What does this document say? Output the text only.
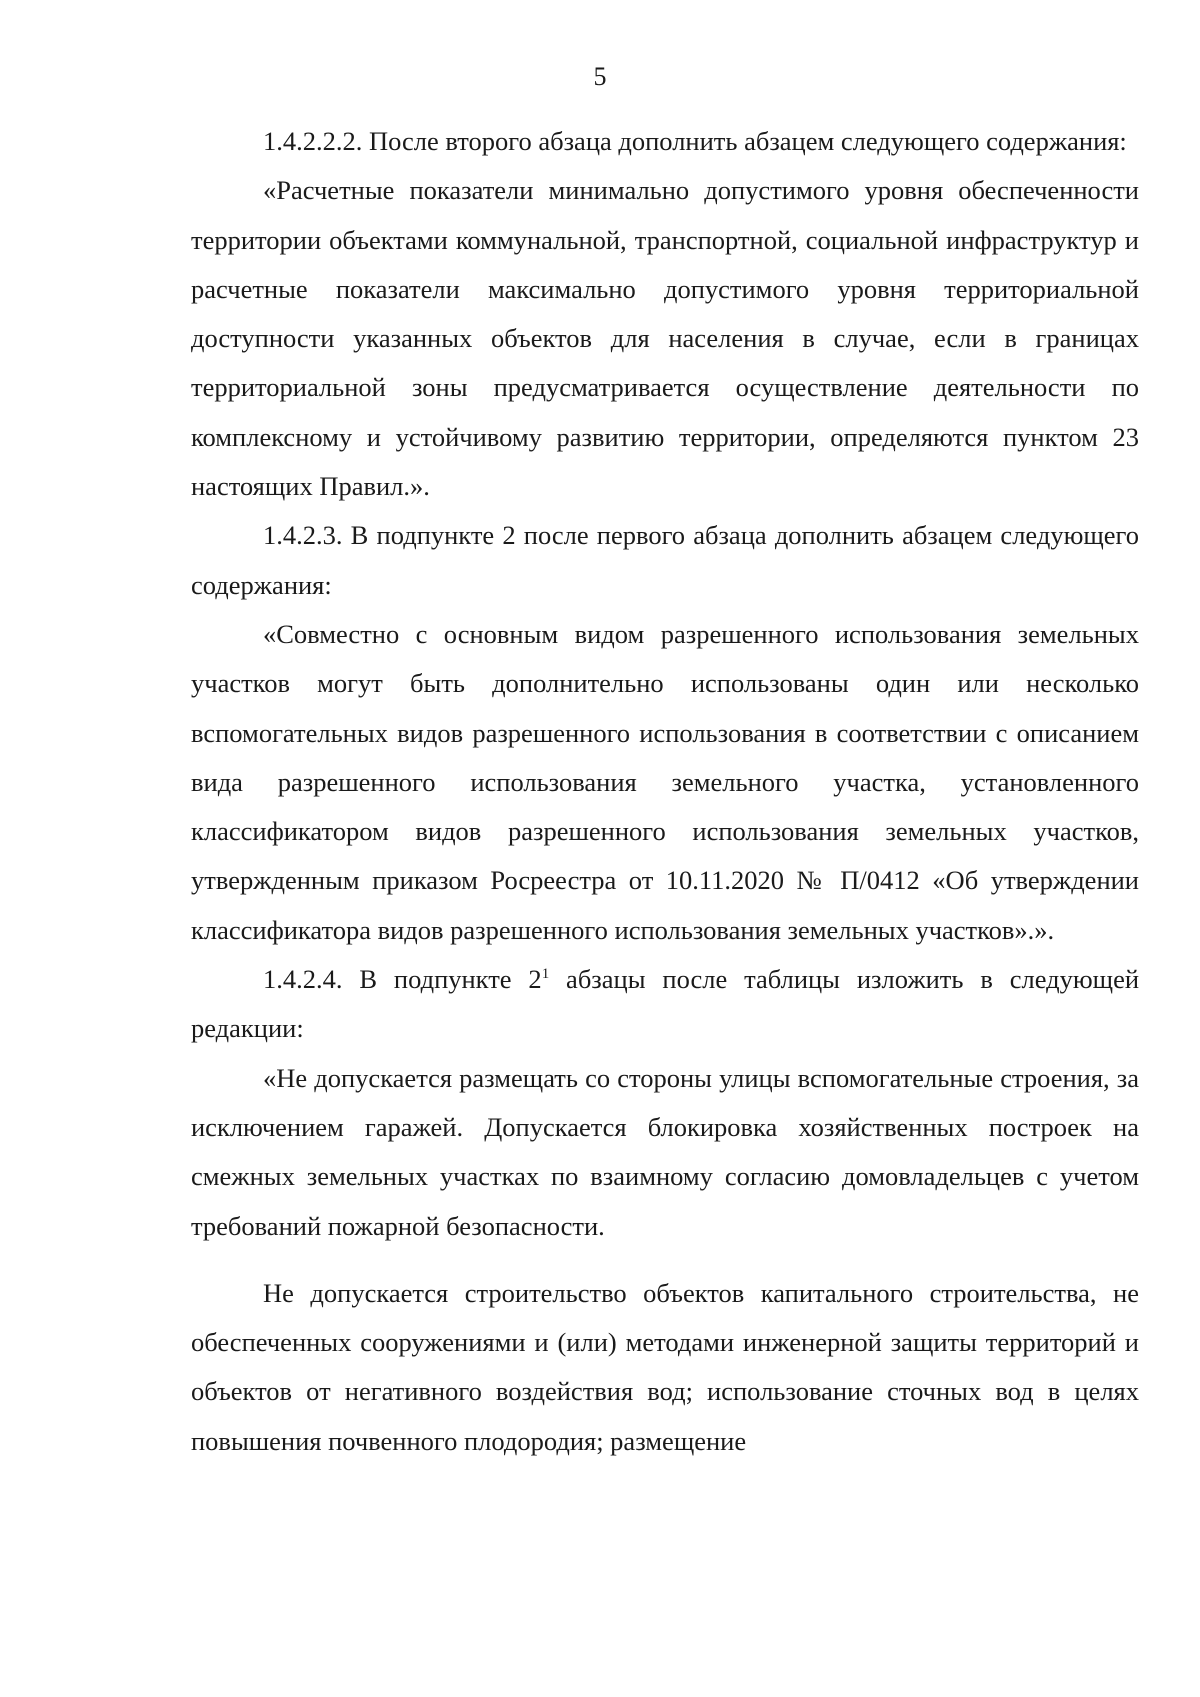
5

1.4.2.2.2. После второго абзаца дополнить абзацем следующего содержания:

«Расчетные показатели минимально допустимого уровня обеспеченности территории объектами коммунальной, транспортной, социальной инфраструктур и расчетные показатели максимально допустимого уровня территориальной доступности указанных объектов для населения в случае, если в границах территориальной зоны предусматривается осуществление деятельности по комплексному и устойчивому развитию территории, определяются пунктом 23 настоящих Правил.».

1.4.2.3. В подпункте 2 после первого абзаца дополнить абзацем следующего содержания:

«Совместно с основным видом разрешенного использования земельных участков могут быть дополнительно использованы один или несколько вспомогательных видов разрешенного использования в соответствии с описанием вида разрешенного использования земельного участка, установленного классификатором видов разрешенного использования земельных участков, утвержденным приказом Росреестра от 10.11.2020 № П/0412 «Об утверждении классификатора видов разрешенного использования земельных участков».».

1.4.2.4. В подпункте $2^1$ абзацы после таблицы изложить в следующей редакции:

«Не допускается размещать со стороны улицы вспомогательные строения, за исключением гаражей. Допускается блокировка хозяйственных построек на смежных земельных участках по взаимному согласию домовладельцев с учетом требований пожарной безопасности.

Не допускается строительство объектов капитального строительства, не обеспеченных сооружениями и (или) методами инженерной защиты территорий и объектов от негативного воздействия вод; использование сточных вод в целях повышения почвенного плодородия; размещение
